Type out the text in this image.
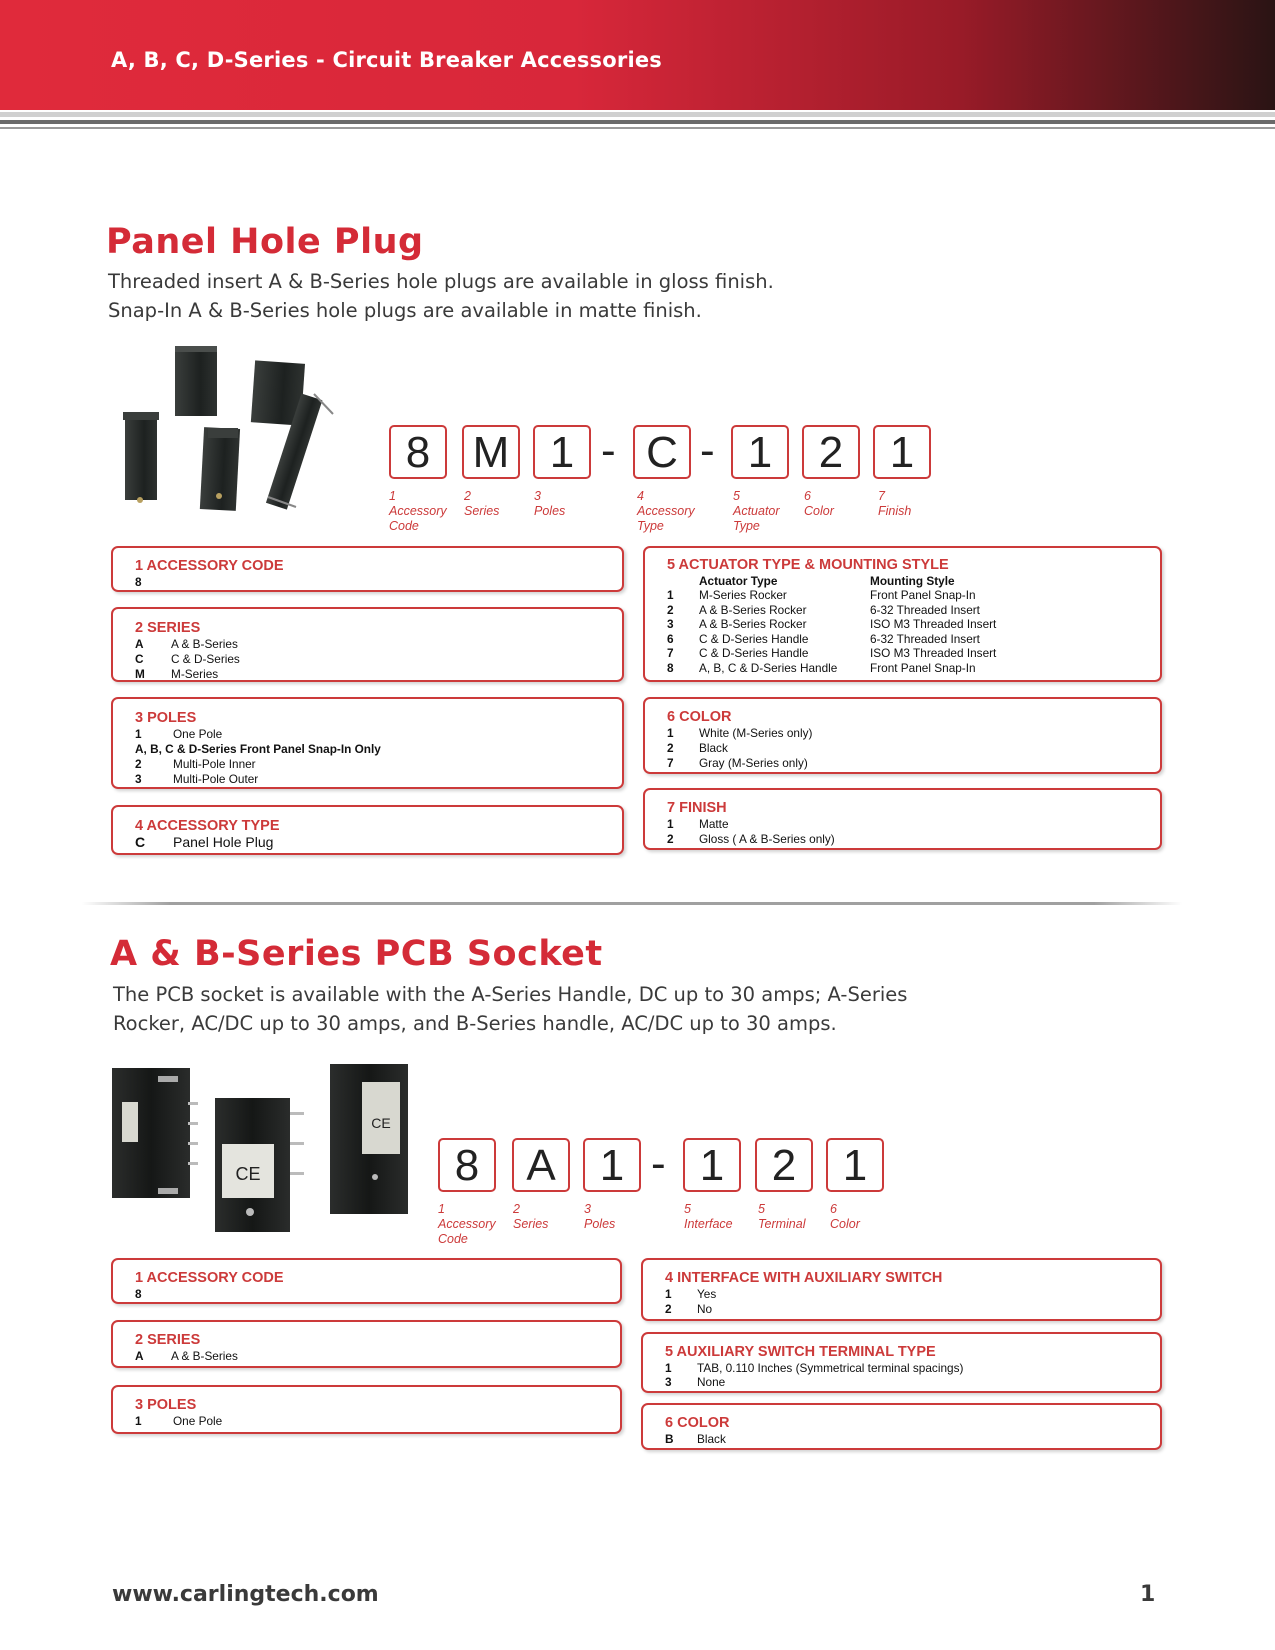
A, B, C, D-Series - Circuit Breaker Accessories
Panel Hole Plug
Threaded insert A & B-Series hole plugs are available in gloss finish.
Snap-In A & B-Series hole plugs are available in matte finish.
8 M 1 - C - 1	2	1
1
Accessory
Code
2
Series
3
Poles
4
Accessory
Type
5
Actuator
Type
6
Color
7
Finish
1 ACCESSORY CODE
8
2 SERIES
A A & B-Series
C C & D-Series
M M-Series
3 POLES
1	One Pole
A, B, C & D-Series Front Panel Snap-In Only
2	Multi-Pole Inner
3	Multi-Pole Outer
4 ACCESSORY TYPE
C Panel Hole Plug
5 ACTUATOR TYPE & MOUNTING STYLE
Actuator Type	Mounting Style
1 M-Series Rocker	Front Panel Snap-In
2 A & B-Series Rocker	6-32 Threaded Insert
3 A & B-Series Rocker	ISO M3 Threaded Insert
6 C & D-Series Handle	6-32 Threaded Insert
7 C & D-Series Handle	ISO M3 Threaded Insert
8 A, B, C & D-Series Handle	Front Panel Snap-In
6 COLOR
1 White (M-Series only)
2 Black
7 Gray (M-Series only)
7 FINISH
1 Matte
2 Gloss ( A & B-Series only)
A & B-Series PCB Socket
The PCB socket is available with the A-Series Handle, DC up to 30 amps; A-Series
Rocker, AC/DC up to 30 amps, and B-Series handle, AC/DC up to 30 amps.
CE
CE
8	A	1 - 1	2	1
1
Accessory
Code
2
Series
3
Poles
5
Interface
5
Terminal
6
Color
1 ACCESSORY CODE
8
2 SERIES
A A & B-Series
3 POLES
1	One Pole
4 INTERFACE WITH AUXILIARY SWITCH
1 Yes
2 No
5 AUXILIARY SWITCH TERMINAL TYPE
1 TAB, 0.110 Inches (Symmetrical terminal spacings)
3 None
6 COLOR
B Black
www.carlingtech.com	1
